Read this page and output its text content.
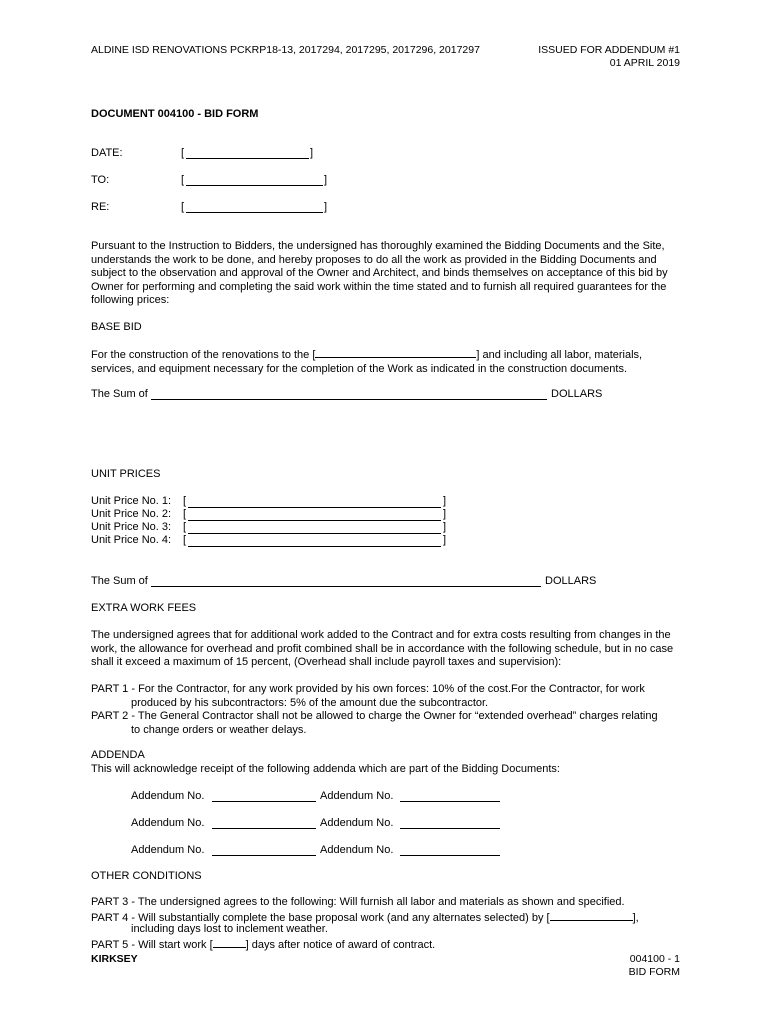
ALDINE ISD RENOVATIONS PCKRP18-13, 2017294, 2017295, 2017296, 2017297	ISSUED FOR ADDENDUM #1
01 APRIL 2019
DOCUMENT 004100 - BID FORM
DATE:	[	]
TO:	[	]
RE:	[	]
Pursuant to the Instruction to Bidders, the undersigned has thoroughly examined the Bidding Documents and the Site, understands the work to be done, and hereby proposes to do all the work as provided in the Bidding Documents and subject to the observation and approval of the Owner and Architect, and binds themselves on acceptance of this bid by Owner for performing and completing the said work within the time stated and to furnish all required guarantees for the following prices:
BASE BID
For the construction of the renovations to the [	] and including all labor, materials, services, and equipment necessary for the completion of the Work as indicated in the construction documents.
The Sum of	DOLLARS
UNIT PRICES
Unit Price No. 1: [	]
Unit Price No. 2: [	]
Unit Price No. 3: [	]
Unit Price No. 4: [	]
The Sum of	DOLLARS
EXTRA WORK FEES
The undersigned agrees that for additional work added to the Contract and for extra costs resulting from changes in the work, the allowance for overhead and profit combined shall be in accordance with the following schedule, but in no case shall it exceed a maximum of 15 percent, (Overhead shall include payroll taxes and supervision):
PART 1 - For the Contractor, for any work provided by his own forces: 10% of the cost.For the Contractor, for work
produced by his subcontractors: 5% of the amount due the subcontractor.
PART 2 - The General Contractor shall not be allowed to charge the Owner for “extended overhead” charges relating
to change orders or weather delays.
ADDENDA
This will acknowledge receipt of the following addenda which are part of the Bidding Documents:
Addendum No.	Addendum No.
Addendum No.	Addendum No.
Addendum No.	Addendum No.
OTHER CONDITIONS
PART 3 - The undersigned agrees to the following: Will furnish all labor and materials as shown and specified.
PART 4 - Will substantially complete the base proposal work (and any alternates selected) by [	],
including days lost to inclement weather.
PART 5 - Will start work [	] days after notice of award of contract.
KIRKSEY	004100 - 1
BID FORM
